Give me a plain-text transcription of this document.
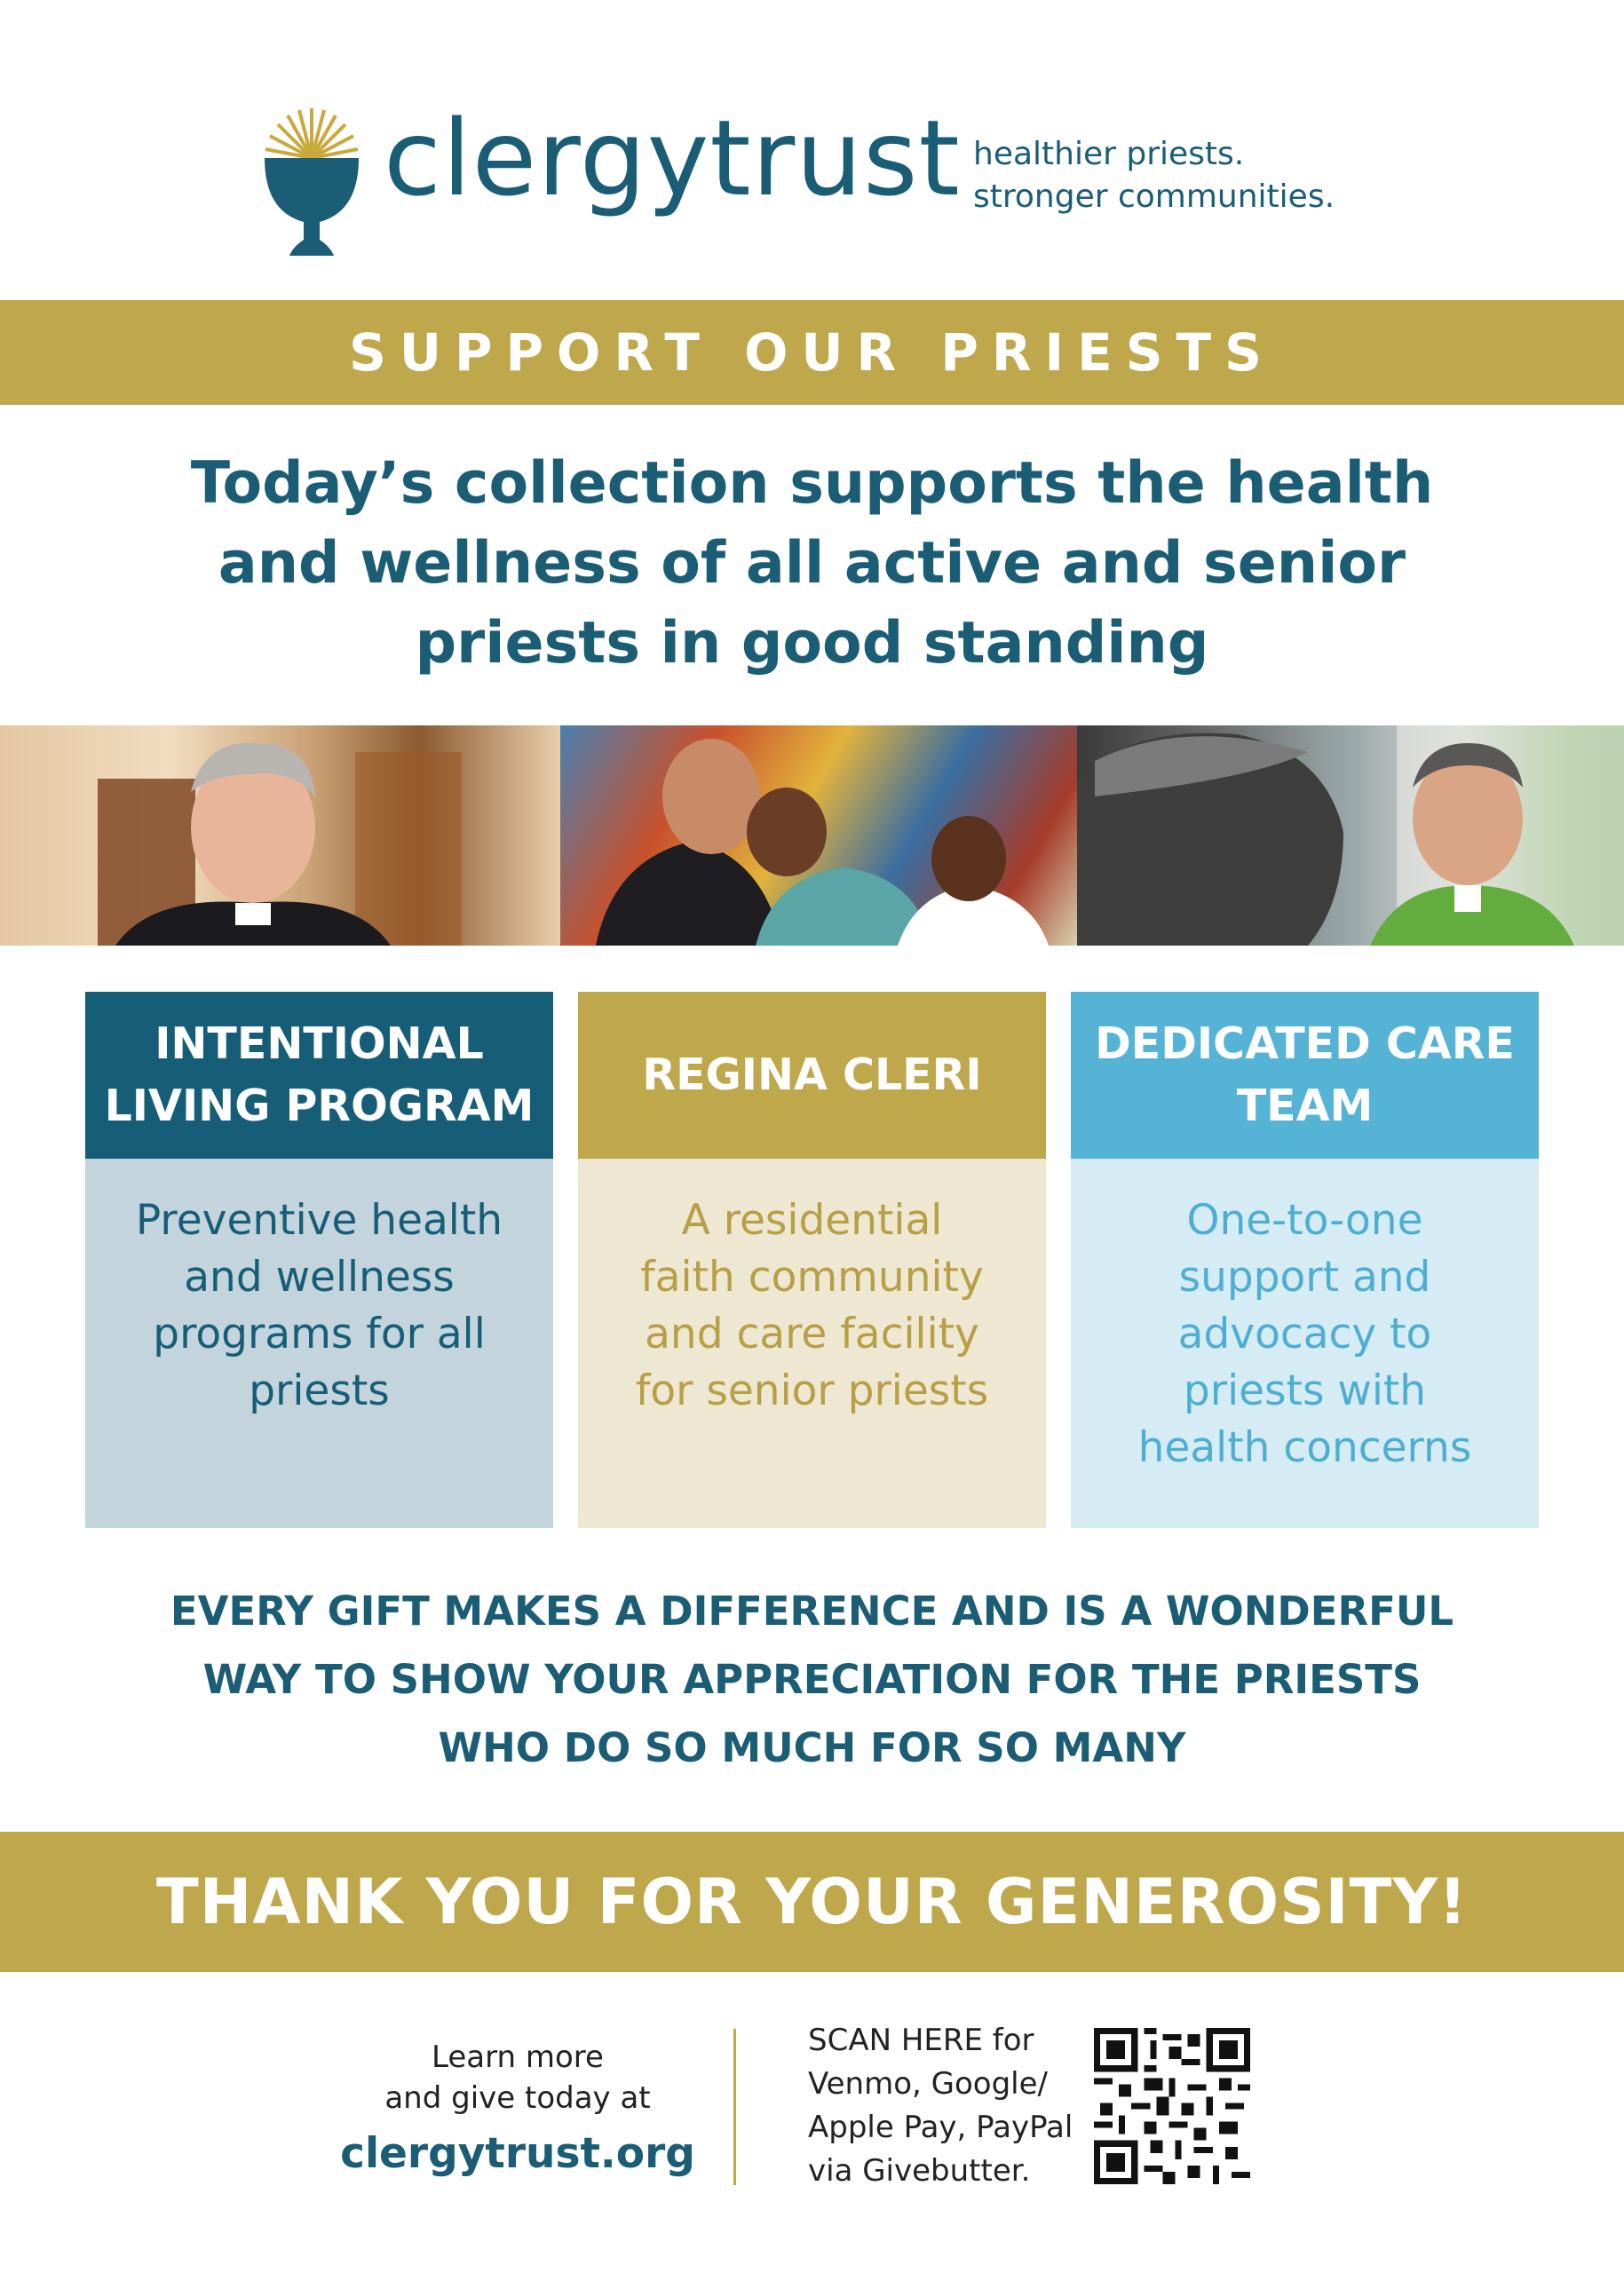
clergytrust healthier priests.
stronger communities.
SUPPORT OUR PRIESTS
Today’s collection supports the health and wellness of all active and senior priests in good standing
INTENTIONAL LIVING PROGRAM
Preventive health
and wellness
programs for all
priests
REGINA CLERI
A residential
faith community
and care facility
for senior priests
DEDICATED CARE TEAM
One-to-one
support and
advocacy to
priests with
health concerns
EVERY GIFT MAKES A DIFFERENCE AND IS A WONDERFUL
WAY TO SHOW YOUR APPRECIATION FOR THE PRIESTS
WHO DO SO MUCH FOR SO MANY
THANK YOU FOR YOUR GENEROSITY!
Learn more
and give today at
clergytrust.org
SCAN HERE for
Venmo, Google/
Apple Pay, PayPal
via Givebutter.
